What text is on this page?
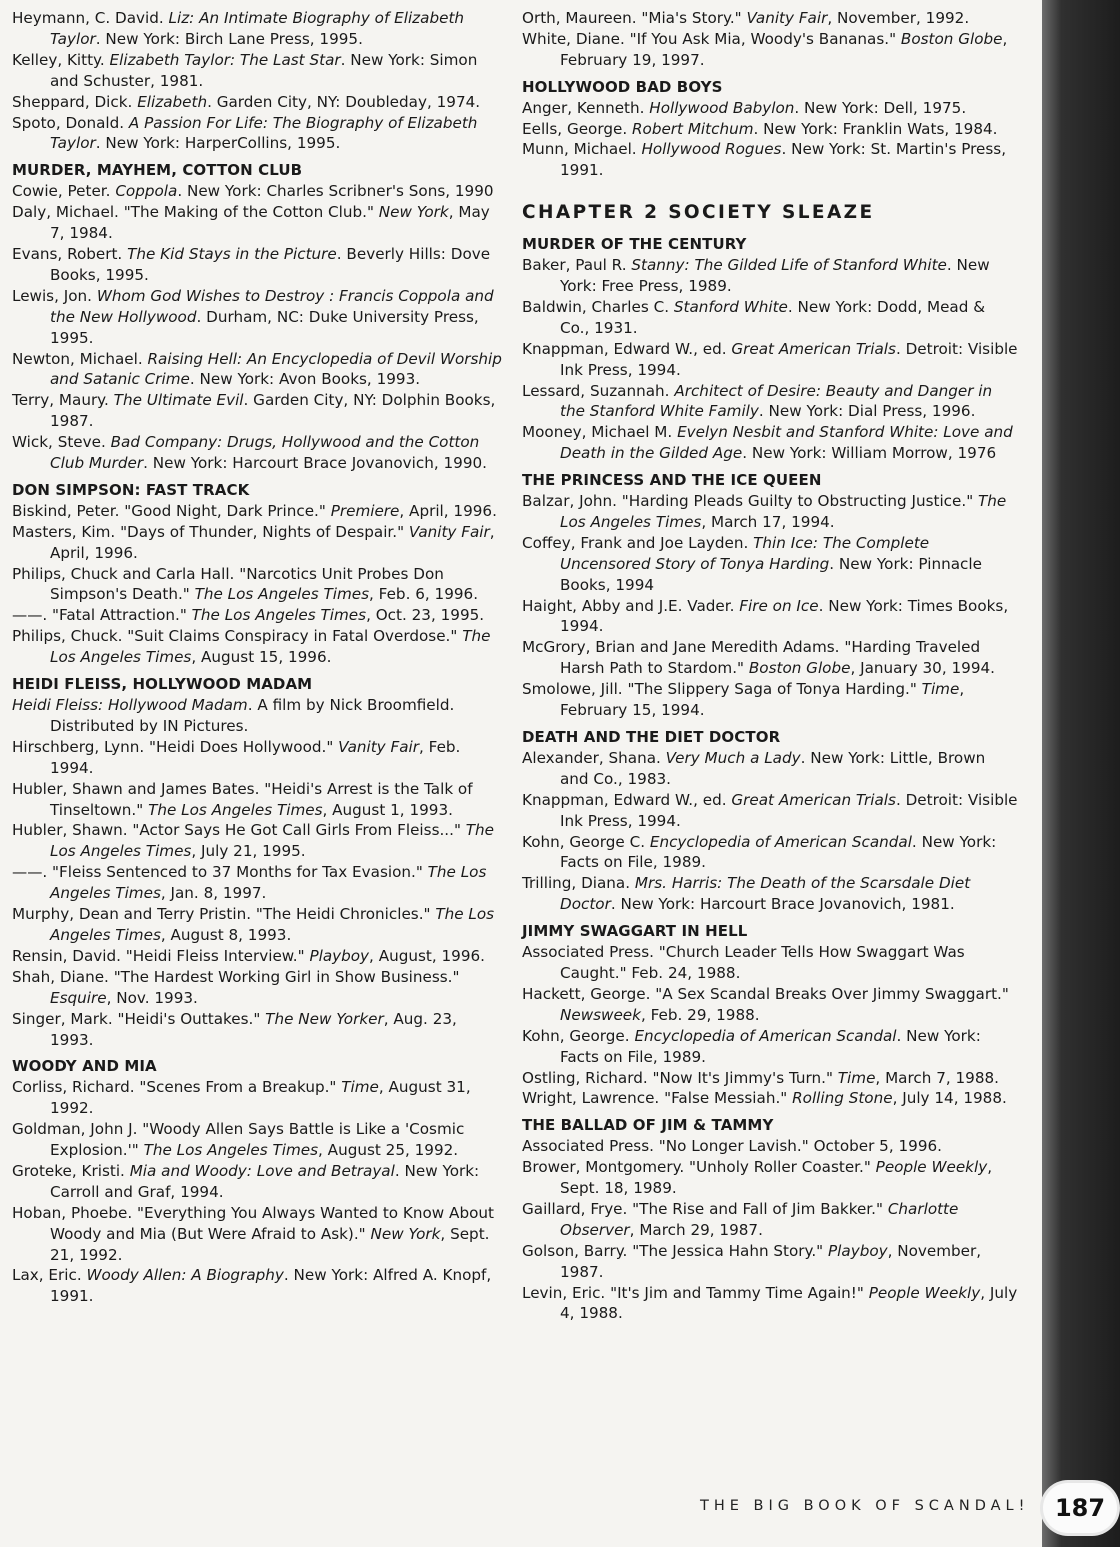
Heymann, C. David. Liz: An Intimate Biography of Elizabeth Taylor. New York: Birch Lane Press, 1995.
Kelley, Kitty. Elizabeth Taylor: The Last Star. New York: Simon and Schuster, 1981.
Sheppard, Dick. Elizabeth. Garden City, NY: Doubleday, 1974.
Spoto, Donald. A Passion For Life: The Biography of Elizabeth Taylor. New York: HarperCollins, 1995.
MURDER, MAYHEM, COTTON CLUB
Cowie, Peter. Coppola. New York: Charles Scribner's Sons, 1990
Daly, Michael. "The Making of the Cotton Club." New York, May 7, 1984.
Evans, Robert. The Kid Stays in the Picture. Beverly Hills: Dove Books, 1995.
Lewis, Jon. Whom God Wishes to Destroy : Francis Coppola and the New Hollywood. Durham, NC: Duke University Press, 1995.
Newton, Michael. Raising Hell: An Encyclopedia of Devil Worship and Satanic Crime. New York: Avon Books, 1993.
Terry, Maury. The Ultimate Evil. Garden City, NY: Dolphin Books, 1987.
Wick, Steve. Bad Company: Drugs, Hollywood and the Cotton Club Murder. New York: Harcourt Brace Jovanovich, 1990.
DON SIMPSON: FAST TRACK
Biskind, Peter. "Good Night, Dark Prince." Premiere, April, 1996.
Masters, Kim. "Days of Thunder, Nights of Despair." Vanity Fair, April, 1996.
Philips, Chuck and Carla Hall. "Narcotics Unit Probes Don Simpson's Death." The Los Angeles Times, Feb. 6, 1996.
——. "Fatal Attraction." The Los Angeles Times, Oct. 23, 1995.
Philips, Chuck. "Suit Claims Conspiracy in Fatal Overdose." The Los Angeles Times, August 15, 1996.
HEIDI FLEISS, HOLLYWOOD MADAM
Heidi Fleiss: Hollywood Madam. A film by Nick Broomfield. Distributed by IN Pictures.
Hirschberg, Lynn. "Heidi Does Hollywood." Vanity Fair, Feb. 1994.
Hubler, Shawn and James Bates. "Heidi's Arrest is the Talk of Tinseltown." The Los Angeles Times, August 1, 1993.
Hubler, Shawn. "Actor Says He Got Call Girls From Fleiss..." The Los Angeles Times, July 21, 1995.
——. "Fleiss Sentenced to 37 Months for Tax Evasion." The Los Angeles Times, Jan. 8, 1997.
Murphy, Dean and Terry Pristin. "The Heidi Chronicles." The Los Angeles Times, August 8, 1993.
Rensin, David. "Heidi Fleiss Interview." Playboy, August, 1996.
Shah, Diane. "The Hardest Working Girl in Show Business." Esquire, Nov. 1993.
Singer, Mark. "Heidi's Outtakes." The New Yorker, Aug. 23, 1993.
WOODY AND MIA
Corliss, Richard. "Scenes From a Breakup." Time, August 31, 1992.
Goldman, John J. "Woody Allen Says Battle is Like a 'Cosmic Explosion.'" The Los Angeles Times, August 25, 1992.
Groteke, Kristi. Mia and Woody: Love and Betrayal. New York: Carroll and Graf, 1994.
Hoban, Phoebe. "Everything You Always Wanted to Know About Woody and Mia (But Were Afraid to Ask)." New York, Sept. 21, 1992.
Lax, Eric. Woody Allen: A Biography. New York: Alfred A. Knopf, 1991.
Orth, Maureen. "Mia's Story." Vanity Fair, November, 1992.
White, Diane. "If You Ask Mia, Woody's Bananas." Boston Globe, February 19, 1997.
HOLLYWOOD BAD BOYS
Anger, Kenneth. Hollywood Babylon. New York: Dell, 1975.
Eells, George. Robert Mitchum. New York: Franklin Wats, 1984.
Munn, Michael. Hollywood Rogues. New York: St. Martin's Press, 1991.
CHAPTER 2 SOCIETY SLEAZE
MURDER OF THE CENTURY
Baker, Paul R. Stanny: The Gilded Life of Stanford White. New York: Free Press, 1989.
Baldwin, Charles C. Stanford White. New York: Dodd, Mead & Co., 1931.
Knappman, Edward W., ed. Great American Trials. Detroit: Visible Ink Press, 1994.
Lessard, Suzannah. Architect of Desire: Beauty and Danger in the Stanford White Family. New York: Dial Press, 1996.
Mooney, Michael M. Evelyn Nesbit and Stanford White: Love and Death in the Gilded Age. New York: William Morrow, 1976
THE PRINCESS AND THE ICE QUEEN
Balzar, John. "Harding Pleads Guilty to Obstructing Justice." The Los Angeles Times, March 17, 1994.
Coffey, Frank and Joe Layden. Thin Ice: The Complete Uncensored Story of Tonya Harding. New York: Pinnacle Books, 1994
Haight, Abby and J.E. Vader. Fire on Ice. New York: Times Books, 1994.
McGrory, Brian and Jane Meredith Adams. "Harding Traveled Harsh Path to Stardom." Boston Globe, January 30, 1994.
Smolowe, Jill. "The Slippery Saga of Tonya Harding." Time, February 15, 1994.
DEATH AND THE DIET DOCTOR
Alexander, Shana. Very Much a Lady. New York: Little, Brown and Co., 1983.
Knappman, Edward W., ed. Great American Trials. Detroit: Visible Ink Press, 1994.
Kohn, George C. Encyclopedia of American Scandal. New York: Facts on File, 1989.
Trilling, Diana. Mrs. Harris: The Death of the Scarsdale Diet Doctor. New York: Harcourt Brace Jovanovich, 1981.
JIMMY SWAGGART IN HELL
Associated Press. "Church Leader Tells How Swaggart Was Caught." Feb. 24, 1988.
Hackett, George. "A Sex Scandal Breaks Over Jimmy Swaggart." Newsweek, Feb. 29, 1988.
Kohn, George. Encyclopedia of American Scandal. New York: Facts on File, 1989.
Ostling, Richard. "Now It's Jimmy's Turn." Time, March 7, 1988.
Wright, Lawrence. "False Messiah." Rolling Stone, July 14, 1988.
THE BALLAD OF JIM & TAMMY
Associated Press. "No Longer Lavish." October 5, 1996.
Brower, Montgomery. "Unholy Roller Coaster." People Weekly, Sept. 18, 1989.
Gaillard, Frye. "The Rise and Fall of Jim Bakker." Charlotte Observer, March 29, 1987.
Golson, Barry. "The Jessica Hahn Story." Playboy, November, 1987.
Levin, Eric. "It's Jim and Tammy Time Again!" People Weekly, July 4, 1988.
THE BIG BOOK OF SCANDAL! 187
